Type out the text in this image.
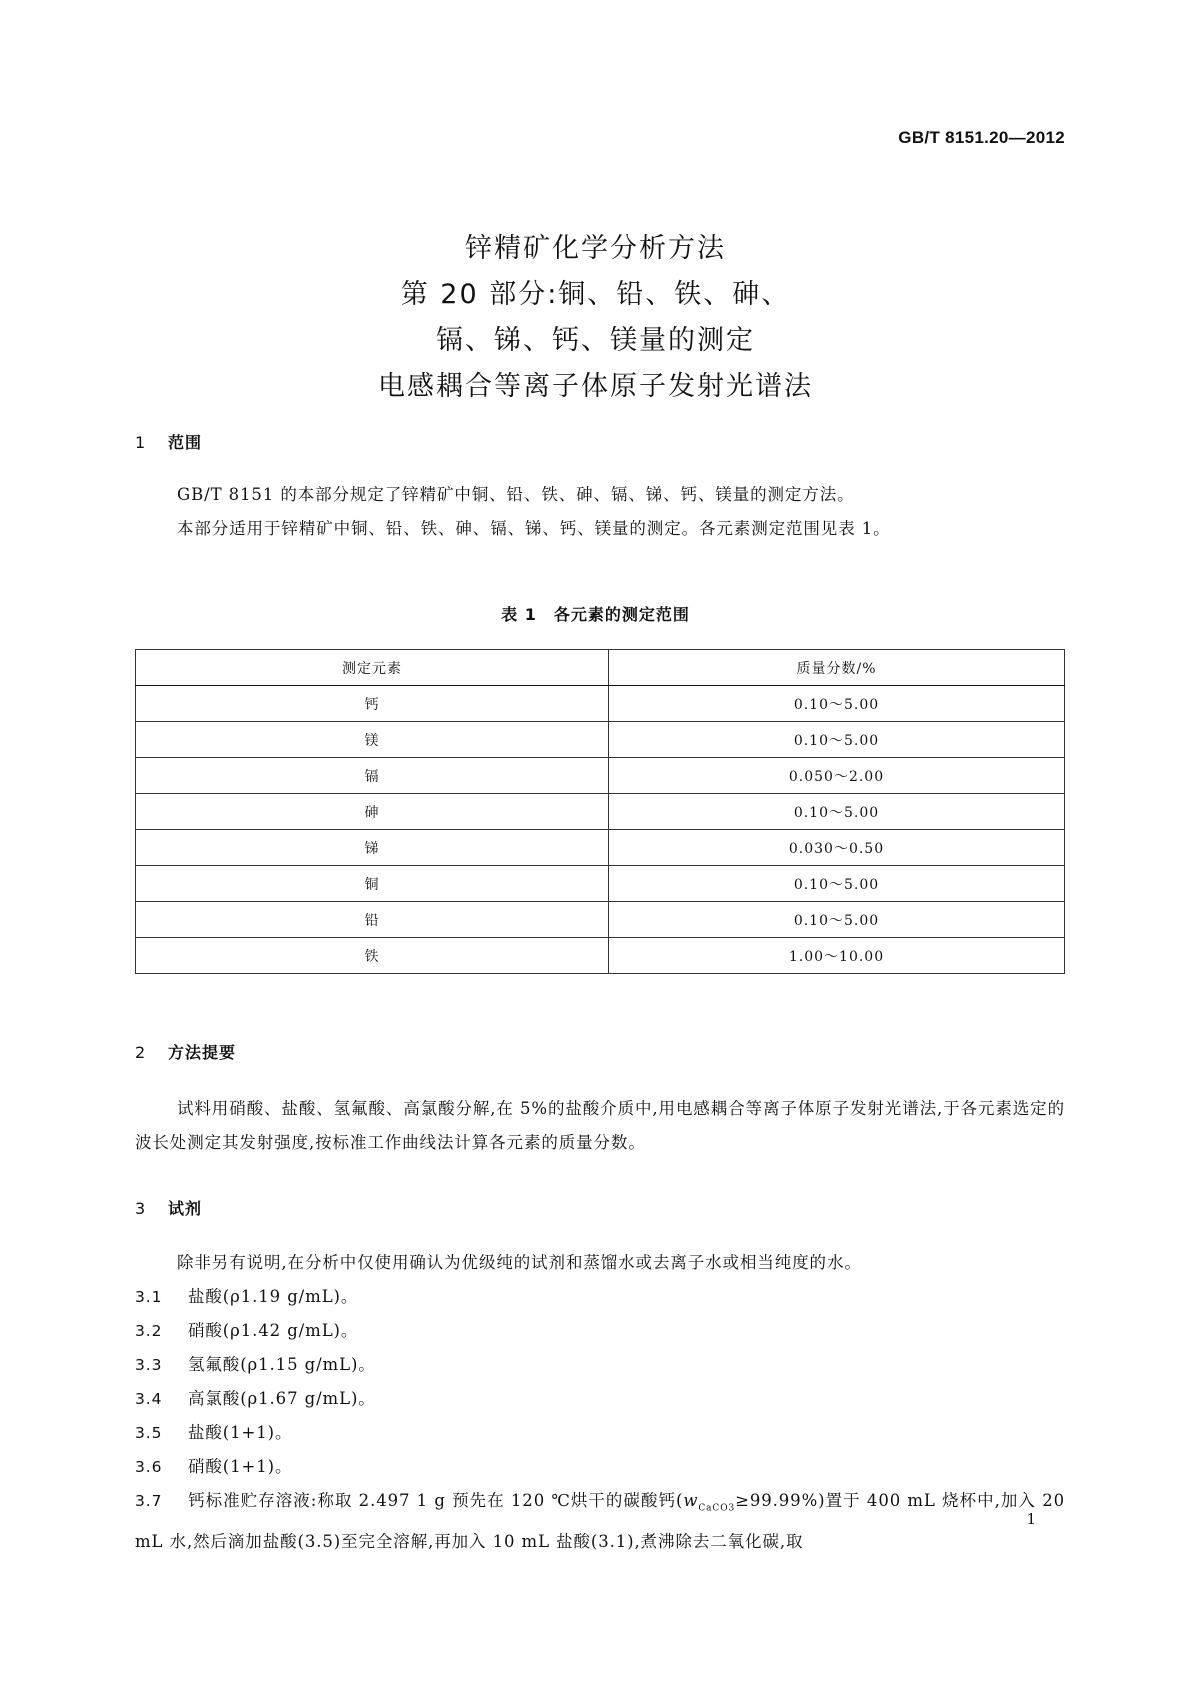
GB/T 8151.20—2012
锌精矿化学分析方法
第 20 部分:铜、铅、铁、砷、
镉、锑、钙、镁量的测定
电感耦合等离子体原子发射光谱法
1 范围
GB/T 8151 的本部分规定了锌精矿中铜、铅、铁、砷、镉、锑、钙、镁量的测定方法。
本部分适用于锌精矿中铜、铅、铁、砷、镉、锑、钙、镁量的测定。各元素测定范围见表 1。
表 1　各元素的测定范围
测定元素	质量分数/%
钙	0.10～5.00
镁	0.10～5.00
镉	0.050～2.00
砷	0.10～5.00
锑	0.030～0.50
铜	0.10～5.00
铅	0.10～5.00
铁	1.00～10.00
2 方法提要
试料用硝酸、盐酸、氢氟酸、高氯酸分解,在 5%的盐酸介质中,用电感耦合等离子体原子发射光谱法,于各元素选定的波长处测定其发射强度,按标准工作曲线法计算各元素的质量分数。
3 试剂
除非另有说明,在分析中仅使用确认为优级纯的试剂和蒸馏水或去离子水或相当纯度的水。
3.1 盐酸(ρ1.19 g/mL)。
3.2 硝酸(ρ1.42 g/mL)。
3.3 氢氟酸(ρ1.15 g/mL)。
3.4 高氯酸(ρ1.67 g/mL)。
3.5 盐酸(1+1)。
3.6 硝酸(1+1)。
3.7 钙标准贮存溶液:称取 2.497 1 g 预先在 120 ℃烘干的碳酸钙$(w_{CaCO3}\ge 99.99\%)$置于 400 mL 烧杯中,加入 20 mL 水,然后滴加盐酸(3.5)至完全溶解,再加入 10 mL 盐酸(3.1),煮沸除去二氧化碳,取
1
